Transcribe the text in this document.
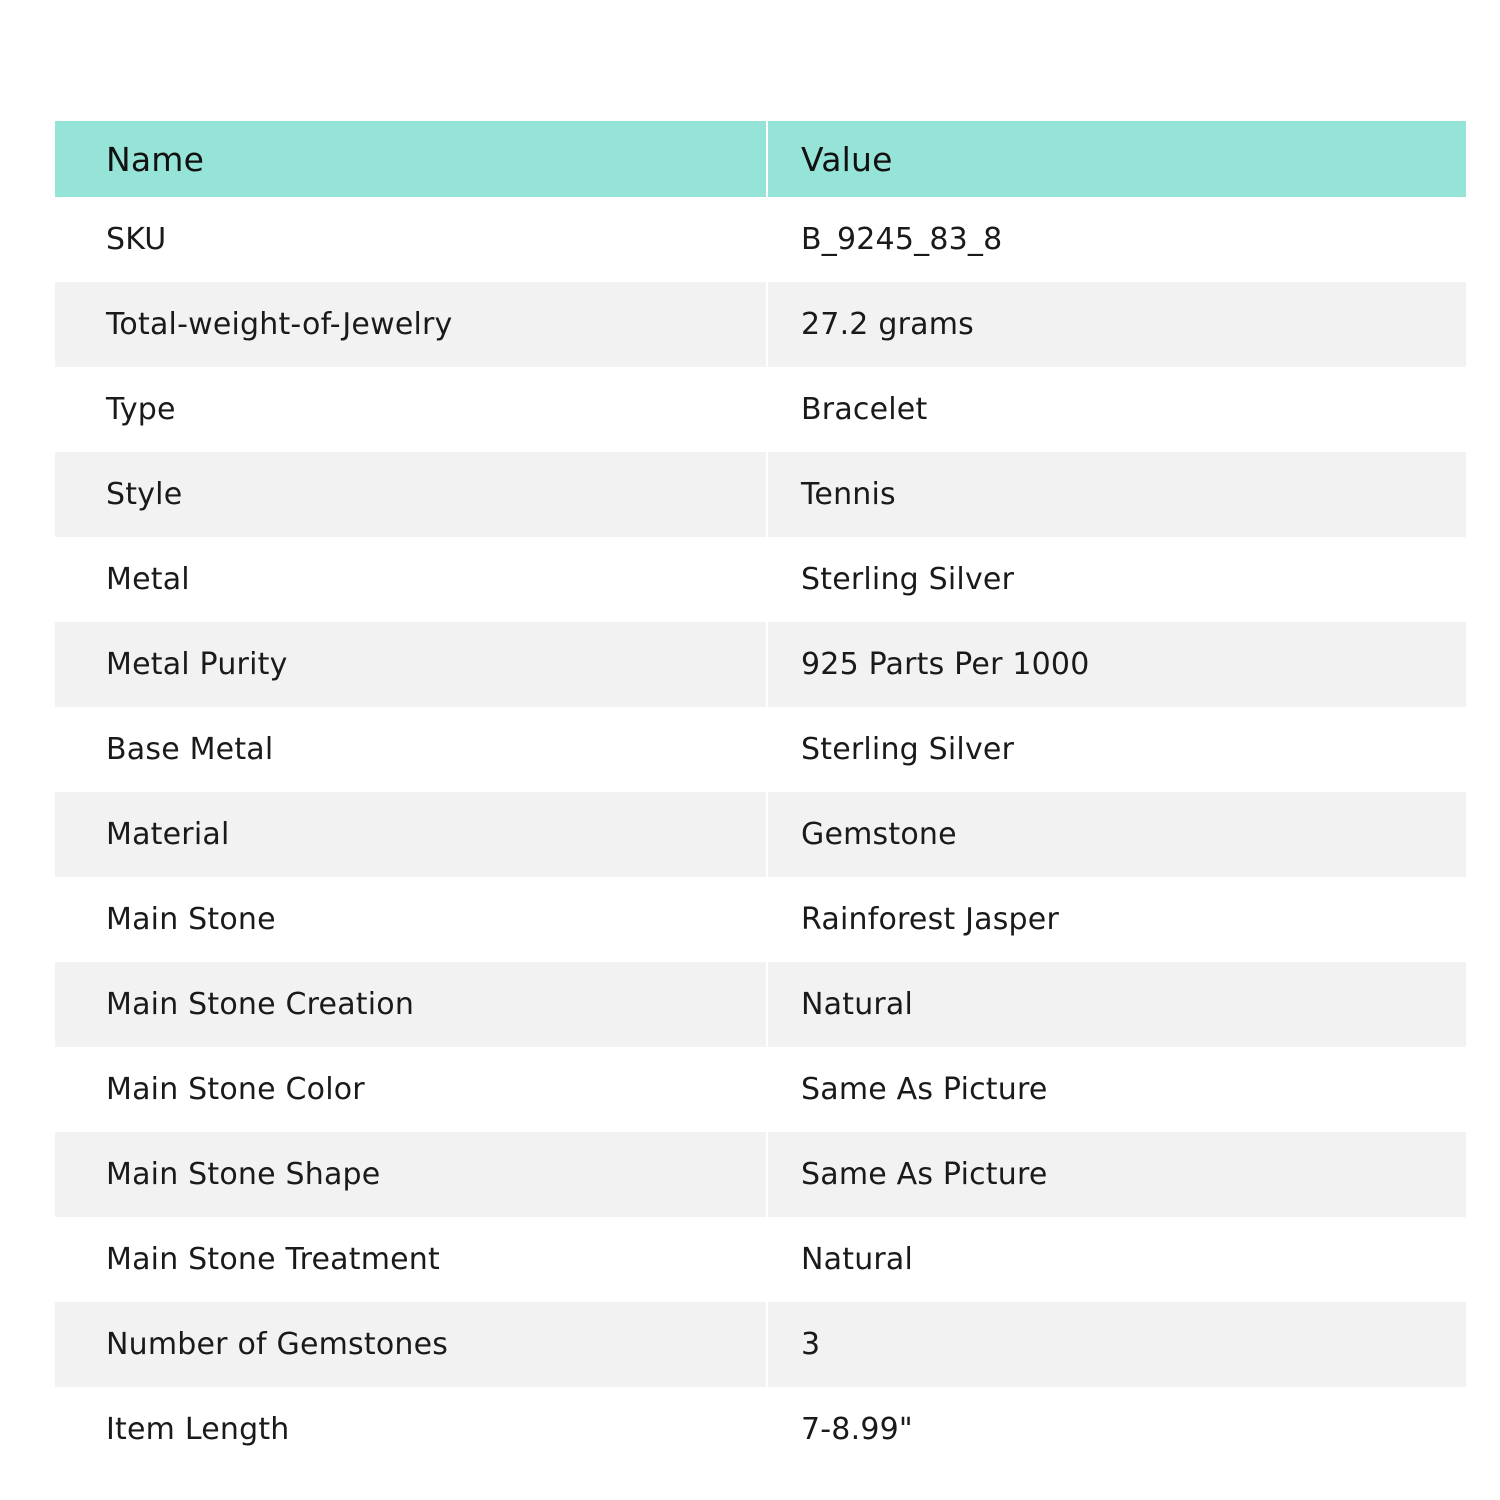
Name	Value
SKU	B_9245_83_8
Total-weight-of-Jewelry	27.2 grams
Type	Bracelet
Style	Tennis
Metal	Sterling Silver
Metal Purity	925 Parts Per 1000
Base Metal	Sterling Silver
Material	Gemstone
Main Stone	Rainforest Jasper
Main Stone Creation	Natural
Main Stone Color	Same As Picture
Main Stone Shape	Same As Picture
Main Stone Treatment	Natural
Number of Gemstones	3
Item Length	7-8.99"
